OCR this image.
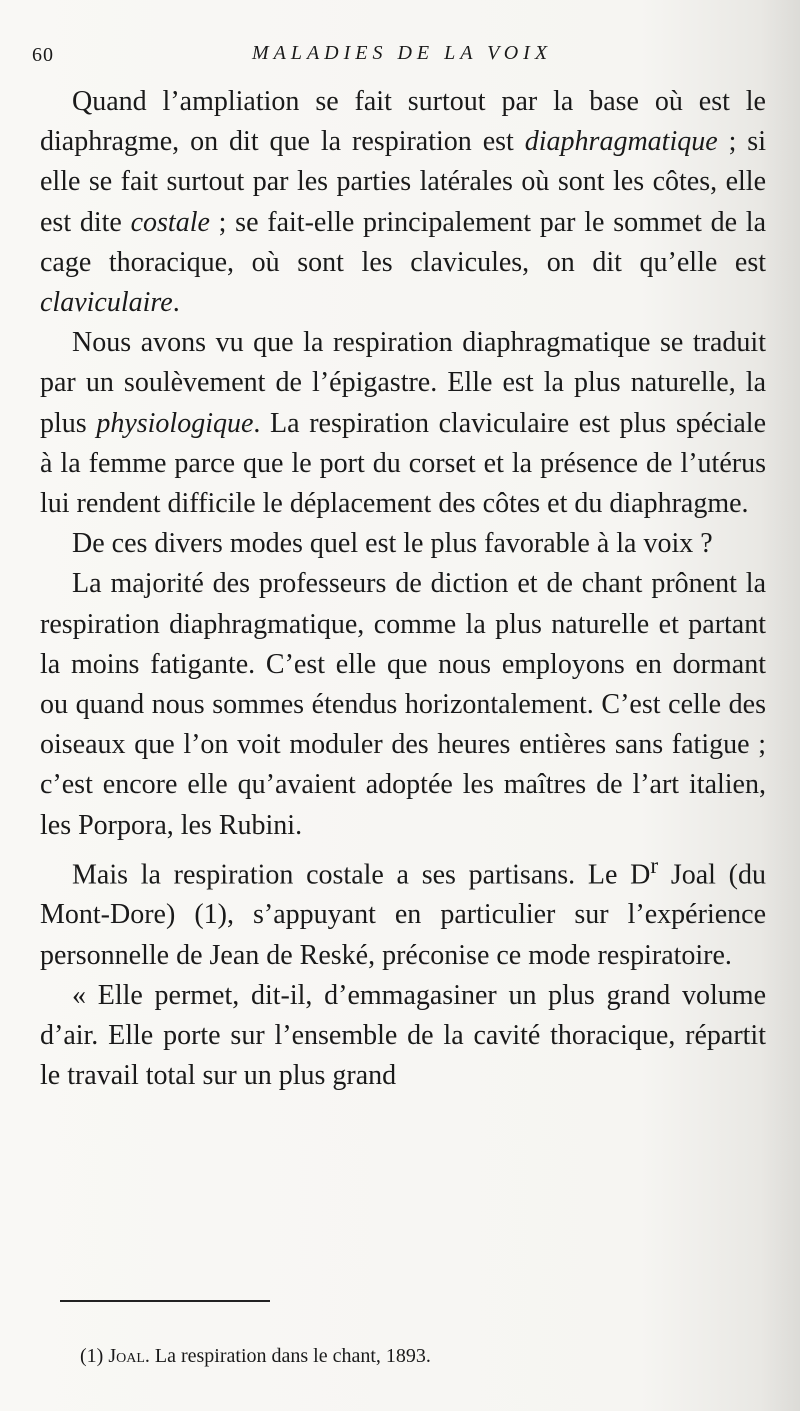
60	MALADIES DE LA VOIX

Quand l’ampliation se fait surtout par la base où est le diaphragme, on dit que la respiration est diaphragmatique ; si elle se fait surtout par les parties latérales où sont les côtes, elle est dite costale ; se fait-elle principalement par le sommet de la cage thoracique, où sont les clavicules, on dit qu’elle est claviculaire.

Nous avons vu que la respiration diaphragmatique se traduit par un soulèvement de l’épigastre. Elle est la plus naturelle, la plus physiologique. La respiration claviculaire est plus spéciale à la femme parce que le port du corset et la présence de l’utérus lui rendent difficile le déplacement des côtes et du diaphragme.

De ces divers modes quel est le plus favorable à la voix ?

La majorité des professeurs de diction et de chant prônent la respiration diaphragmatique, comme la plus naturelle et partant la moins fatigante. C’est elle que nous employons en dormant ou quand nous sommes étendus horizontalement. C’est celle des oiseaux que l’on voit moduler des heures entières sans fatigue ; c’est encore elle qu’avaient adoptée les maîtres de l’art italien, les Porpora, les Rubini.

Mais la respiration costale a ses partisans. Le $D^r$ Joal (du Mont-Dore) (1), s’appuyant en particulier sur l’expérience personnelle de Jean de Reské, préconise ce mode respiratoire.

« Elle permet, dit-il, d’emmagasiner un plus grand volume d’air. Elle porte sur l’ensemble de la cavité thoracique, répartit le travail total sur un plus grand

(1) Joal. La respiration dans le chant, 1893.
